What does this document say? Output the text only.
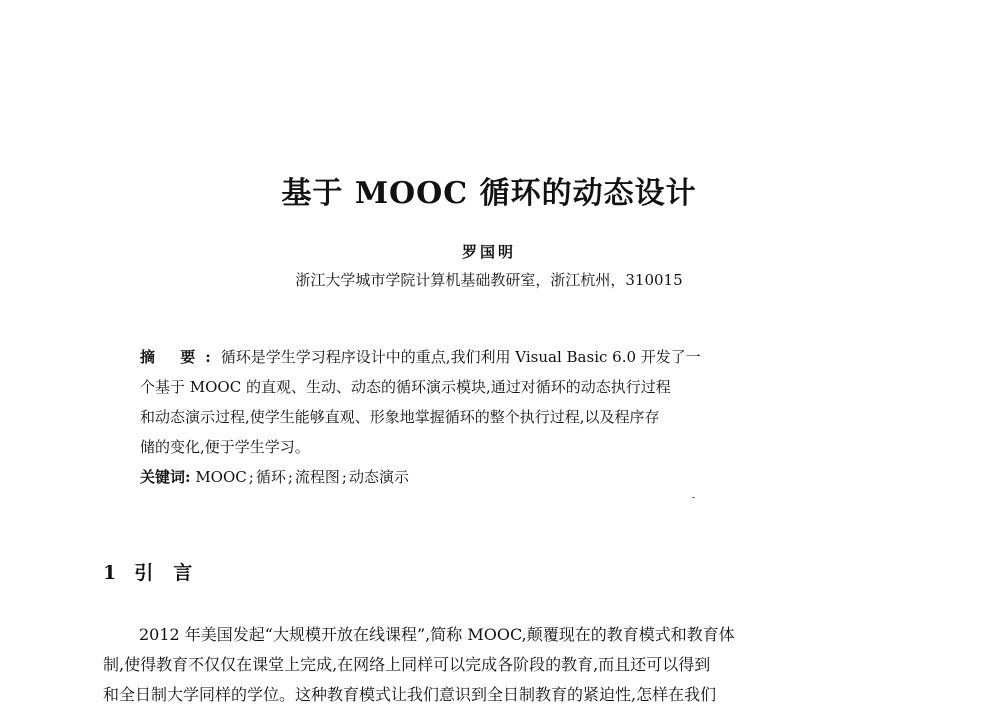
基于 MOOC 循环的动态设计
罗国明
浙江大学城市学院计算机基础教研室，浙江杭州，310015
摘 要:循环是学生学习程序设计中的重点,我们利用 Visual Basic 6.0 开发了一
个基于 MOOC 的直观、生动、动态的循环演示模块,通过对循环的动态执行过程
和动态演示过程,使学生能够直观、形象地掌握循环的整个执行过程,以及程序存
储的变化,便于学生学习。
关键词: MOOC ; 循环 ; 流程图 ; 动态演示
1 引言
2012 年美国发起“大规模开放在线课程”,简称 MOOC,颠覆现在的教育模式和教育体
制,使得教育不仅仅在课堂上完成,在网络上同样可以完成各阶段的教育,而且还可以得到
和全日制大学同样的学位。这种教育模式让我们意识到全日制教育的紧迫性,怎样在我们
